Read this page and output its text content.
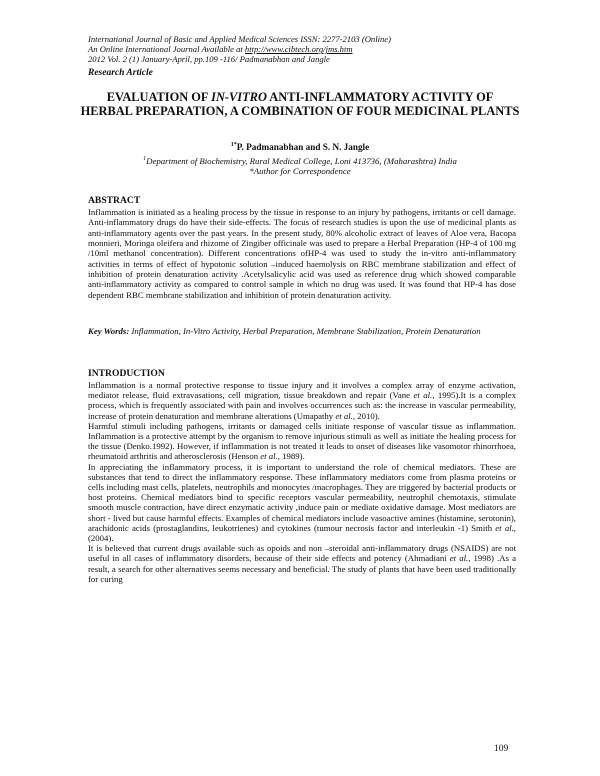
International Journal of Basic and Applied Medical Sciences ISSN: 2277-2103 (Online)
An Online International Journal Available at http://www.cibtech.org/jms.htm
2012 Vol. 2 (1) January-April, pp.109 -116/ Padmanabhan and Jangle
Research Article
EVALUATION OF IN-VITRO ANTI-INFLAMMATORY ACTIVITY OF HERBAL PREPARATION, A COMBINATION OF FOUR MEDICINAL PLANTS
$^{1*}$P. Padmanabhan and S. N. Jangle
$^1$Department of Biochemistry, Rural Medical College, Loni 413736, (Maharashtra) India
*Author for Correspondence
ABSTRACT

Inflammation is initiated as a healing process by the tissue in response to an injury by pathogens, irritants or cell damage. Anti-inflammatory drugs do have their side-effects. The focus of research studies is upon the use of medicinal plants as anti-inflammatory agents over the past years. In the present study, 80% alcoholic extract of leaves of Aloe vera, Bacopa monnieri, Moringa oleifera and rhizome of Zingiber officinale was used to prepare a Herbal Preparation (HP-4 of 100 mg /10ml methanol concentration). Different concentrations ofHP-4 was used to study the in-vitro anti-inflammatory activities in terms of effect of hypotonic solution –induced haemolysis on RBC membrane stabilization and effect of inhibition of protein denaturation activity .Acetylsalicylic acid was used as reference drug which showed comparable anti-inflammatory activity as compared to control sample in which no drug was used. It was found that HP-4 has dose dependent RBC membrane stabilization and inhibition of protein denaturation activity.

Key Words: Inflammation, In-Vitro Activity, Herbal Preparation, Membrane Stabilization, Protein Denaturation

INTRODUCTION

Inflammation is a normal protective response to tissue injury and it involves a complex array of enzyme activation, mediator release, fluid extravasations, cell migration, tissue breakdown and repair (Vane et al., 1995).It is a complex process, which is frequently associated with pain and involves occurrences such as: the increase in vascular permeability, increase of protein denaturation and membrane alterations (Umapathy et al., 2010).

Harmful stimuli including pathogens, irritants or damaged cells initiate response of vascular tissue as inflammation. Inflammation is a protective attempt by the organism to remove injurious stimuli as well as initiate the healing process for the tissue (Denko.1992). However, if inflammation is not treated it leads to onset of diseases like vasomotor rhinorrhoea, rheumatoid arthritis and atherosclerosis (Henson et al., 1989).

In appreciating the inflammatory process, it is important to understand the role of chemical mediators. These are substances that tend to direct the inflammatory response. These inflammatory mediators come from plasma proteins or cells including mast cells, platelets, neutrophils and monocytes /macrophages. They are triggered by bacterial products or host proteins. Chemical mediators bind to specific receptors vascular permeability, neutrophil chemotaxis, stimulate smooth muscle contraction, have direct enzymatic activity ,induce pain or mediate oxidative damage. Most mediators are short - lived but cause harmful effects. Examples of chemical mediators include vasoactive amines (histamine, serotonin), arachidonic acids (prostaglandins, leukotrienes) and cytokines (tumour necrosis factor and interleukin -1) Smith et al., (2004).

It is believed that current drugs available such as opoids and non –steroidal anti-inflammatory drugs (NSAIDS) are not useful in all cases of inflammatory disorders, because of their side effects and potency (Ahmadiani et al., 1998) .As a result, a search for other alternatives seems necessary and beneficial. The study of plants that have been used traditionally for curing

109
